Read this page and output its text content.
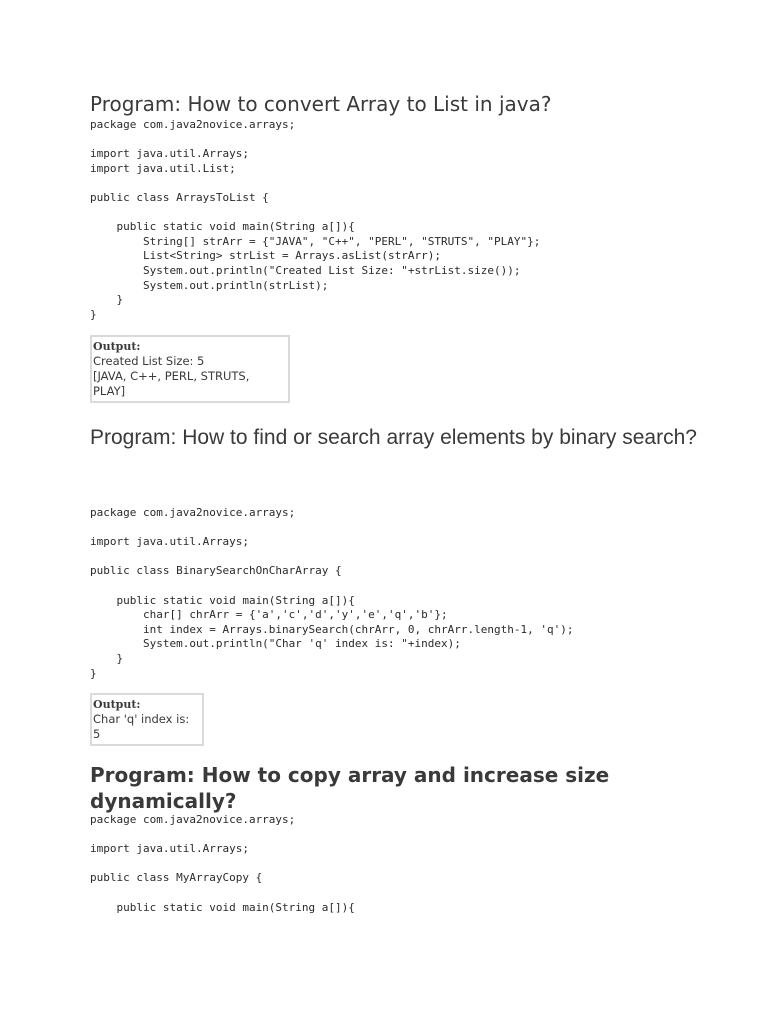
Program: How to convert Array to List in java?
package com.java2novice.arrays;

import java.util.Arrays;
import java.util.List;

public class ArraysToList {

public static void main(String a[]){
String[] strArr = {"JAVA", "C++", "PERL", "STRUTS", "PLAY"};
List<String> strList = Arrays.asList(strArr);
System.out.println("Created List Size: "+strList.size());
System.out.println(strList);
}
}
Output:
Created List Size: 5
[JAVA, C++, PERL, STRUTS, PLAY]
Program: How to find or search array elements by binary search?
package com.java2novice.arrays;

import java.util.Arrays;

public class BinarySearchOnCharArray {

public static void main(String a[]){
char[] chrArr = {'a','c','d','y','e','q','b'};
int index = Arrays.binarySearch(chrArr, 0, chrArr.length-1, 'q');
System.out.println("Char 'q' index is: "+index);
}
}
Output:
Char 'q' index is: 5
Program: How to copy array and increase size dynamically?
package com.java2novice.arrays;

import java.util.Arrays;

public class MyArrayCopy {

public static void main(String a[]){
